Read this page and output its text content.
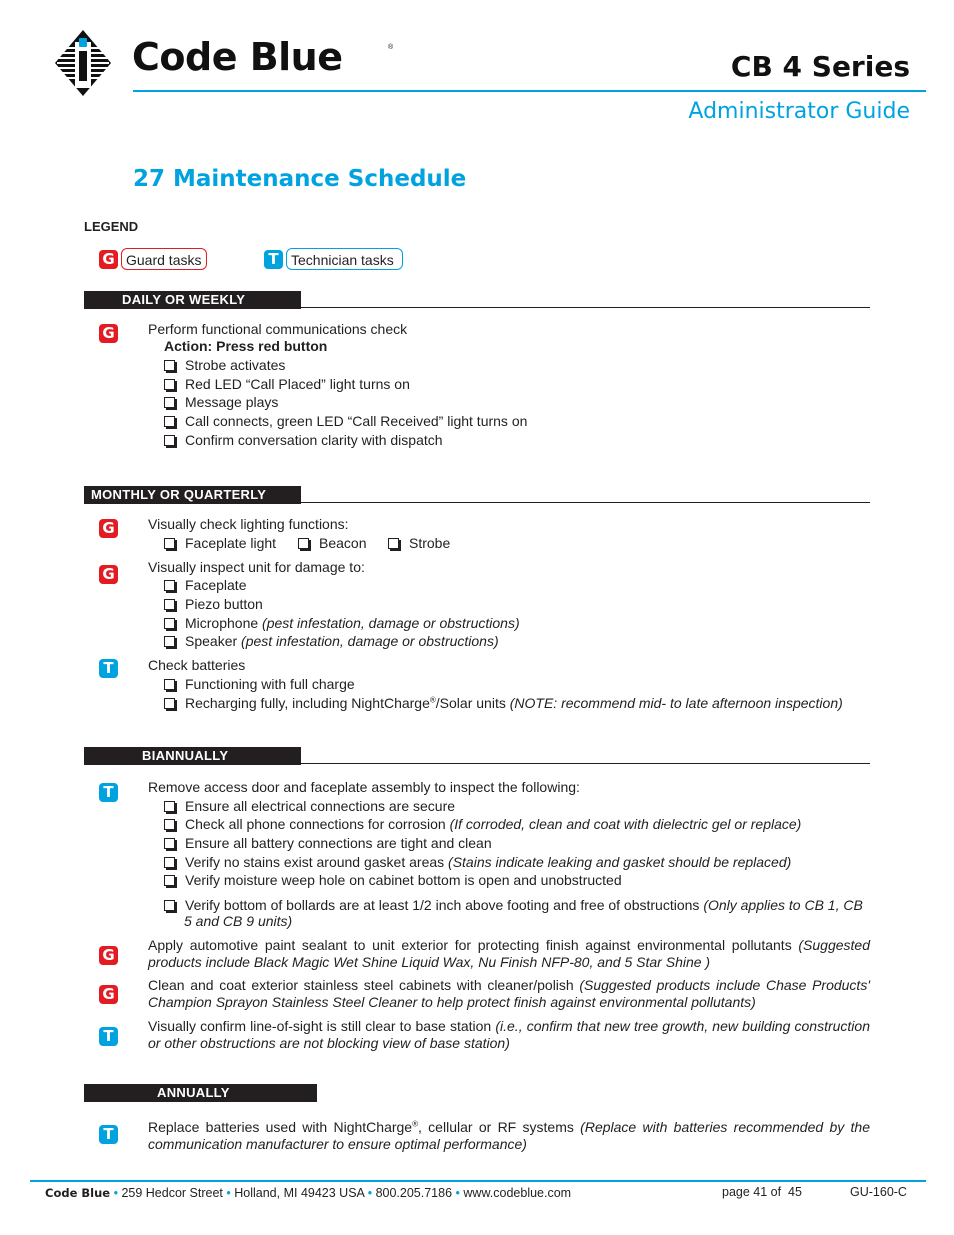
Code Blue	®
CB 4 Series
Administrator Guide
27 Maintenance Schedule
LEGEND
G Guard tasks	T Technician tasks
DAILY OR WEEKLY
G Perform functional communications check
Action: Press red button
Strobe activates
Red LED “Call Placed” light turns on
Message plays
Call connects, green LED “Call Received” light turns on
Confirm conversation clarity with dispatch
MONTHLY OR QUARTERLY
G Visually check lighting functions:
Faceplate light	Beacon	Strobe
G Visually inspect unit for damage to:
Faceplate
Piezo button
Microphone (pest infestation, damage or obstructions)
Speaker (pest infestation, damage or obstructions)
T	Check batteries
Functioning with full charge
Recharging fully, including NightCharge®/Solar units (NOTE: recommend mid- to late afternoon inspection)
BIANNUALLY
T	Remove access door and faceplate assembly to inspect the following:
Ensure all electrical connections are secure
Check all phone connections for corrosion (If corroded, clean and coat with dielectric gel or replace)
Ensure all battery connections are tight and clean
Verify no stains exist around gasket areas (Stains indicate leaking and gasket should be replaced)
Verify moisture weep hole on cabinet bottom is open and unobstructed
Verify bottom of bollards are at least 1/2 inch above footing and free of obstructions (Only applies to CB 1, CB
5 and CB 9 units)
G
Apply automotive paint sealant to unit exterior for protecting finish against environmental pollutants (Suggested products include Black Magic Wet Shine Liquid Wax, Nu Finish NFP-80, and 5 Star Shine )
G Clean and coat exterior stainless steel cabinets with cleaner/polish (Suggested products include Chase Products' Champion Sprayon Stainless Steel Cleaner to help protect finish against environmental pollutants)
T
Visually confirm line-of-sight is still clear to base station (i.e., confirm that new tree growth, new building construction or other obstructions are not blocking view of base station)
ANNUALLY
T	Replace batteries used with NightCharge®, cellular or RF systems (Replace with batteries recommended by the communication manufacturer to ensure optimal performance)
Code Blue • 259 Hedcor Street • Holland, MI 49423 USA • 800.205.7186 • www.codeblue.com	page 41 of  45	GU-160-C
